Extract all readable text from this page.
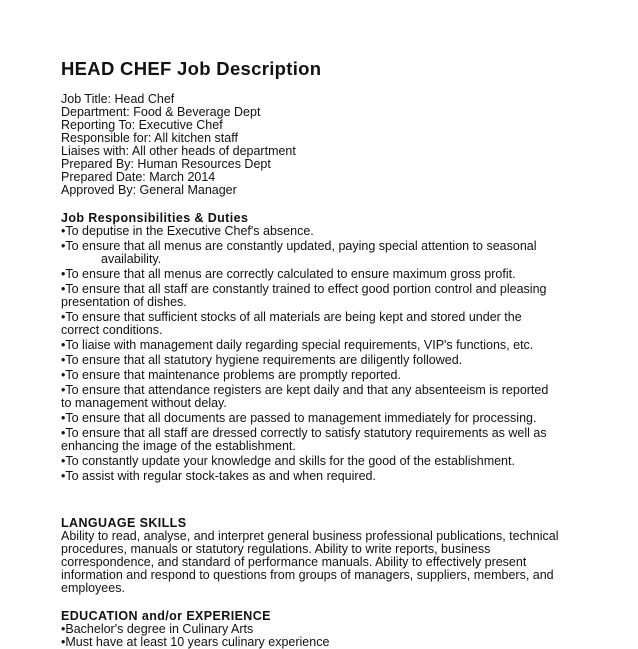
HEAD CHEF Job Description
Job Title: Head Chef
Department: Food & Beverage Dept
Reporting To: Executive Chef
Responsible for: All kitchen staff
Liaises with: All other heads of department
Prepared By: Human Resources Dept
Prepared Date: March 2014
Approved By: General Manager
Job Responsibilities & Duties
•To deputise in the Executive Chef's absence.
•To ensure that all menus are constantly updated, paying special attention to seasonal
availability.
•To ensure that all menus are correctly calculated to ensure maximum gross profit.
•To ensure that all staff are constantly trained to effect good portion control and pleasing
presentation of dishes.
•To ensure that sufficient stocks of all materials are being kept and stored under the
correct conditions.
•To liaise with management daily regarding special requirements, VIP's functions, etc.
•To ensure that all statutory hygiene requirements are diligently followed.
•To ensure that maintenance problems are promptly reported.
•To ensure that attendance registers are kept daily and that any absenteeism is reported
to management without delay.
•To ensure that all documents are passed to management immediately for processing.
•To ensure that all staff are dressed correctly to satisfy statutory requirements as well as
enhancing the image of the establishment.
•To constantly update your knowledge and skills for the good of the establishment.
•To assist with regular stock-takes as and when required.
LANGUAGE SKILLS
Ability to read, analyse, and interpret general business professional publications, technical
procedures, manuals or statutory regulations. Ability to write reports, business
correspondence, and standard of performance manuals. Ability to effectively present
information and respond to questions from groups of managers, suppliers, members, and
employees.
EDUCATION and/or EXPERIENCE
•Bachelor's degree in Culinary Arts
•Must have at least 10 years culinary experience
